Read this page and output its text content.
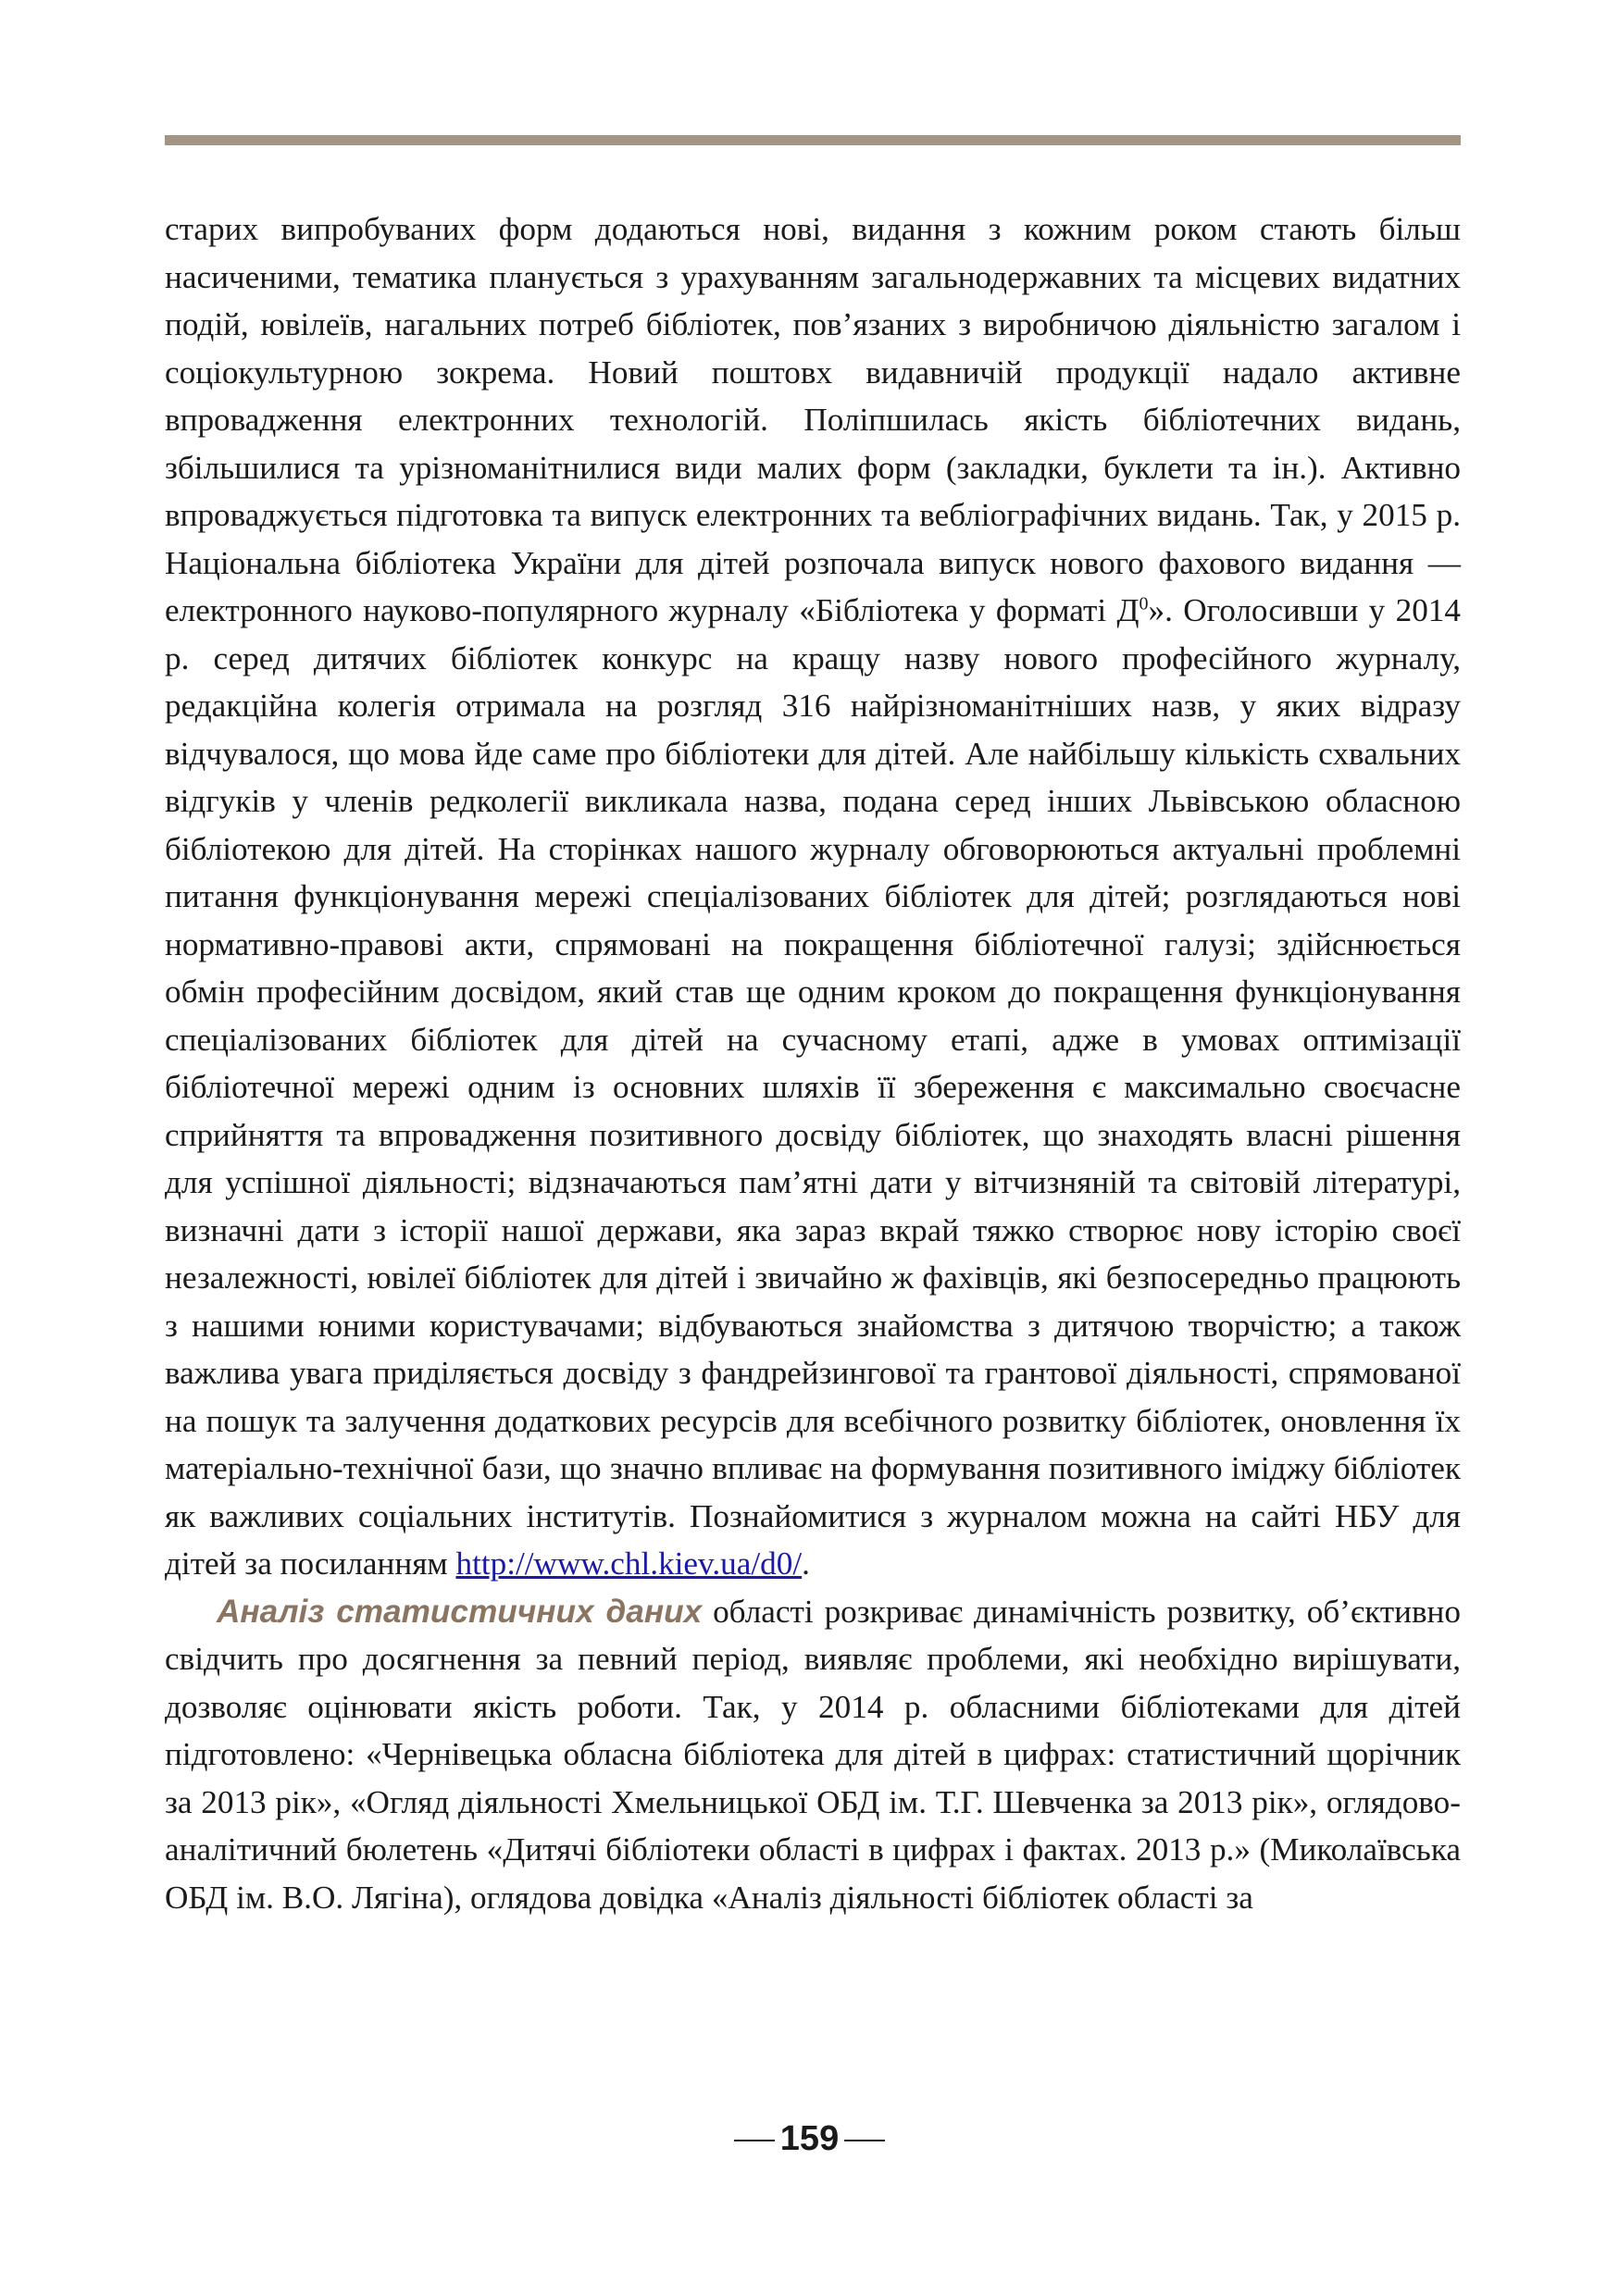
старих випробуваних форм додаються нові, видання з кожним роком стають більш насиченими, тематика планується з урахуванням загальнодержавних та місцевих видатних подій, ювілеїв, нагальних потреб бібліотек, пов’язаних з виробничою діяльністю загалом і соціокультурною зокрема. Новий поштовх видавничій продукції надало активне впровадження електронних технологій. Поліпшилась якість бібліотечних видань, збільшилися та урізноманітнилися види малих форм (закладки, буклети та ін.). Активно впроваджується підготовка та випуск електронних та вебліографічних видань. Так, у 2015 р. Національна бібліотека України для дітей розпочала випуск нового фахового видання — електронного науково-популярного журналу «Бібліотека у форматі $Д^0$». Оголосивши у 2014 р. серед дитячих бібліотек конкурс на кращу назву нового професійного журналу, редакційна колегія отримала на розгляд 316 найрізноманітніших назв, у яких відразу відчувалося, що мова йде саме про бібліотеки для дітей. Але найбільшу кількість схвальних відгуків у членів редколегії викликала назва, подана серед інших Львівською обласною бібліотекою для дітей. На сторінках нашого журналу обговорюються актуальні проблемні питання функціонування мережі спеціалізованих бібліотек для дітей; розглядаються нові нормативно-правові акти, спрямовані на покращення бібліотечної галузі; здійснюється обмін професійним досвідом, який став ще одним кроком до покращення функціонування спеціалізованих бібліотек для дітей на сучасному етапі, адже в умовах оптимізації бібліотечної мережі одним із основних шляхів її збереження є максимально своєчасне сприйняття та впровадження позитивного досвіду бібліотек, що знаходять власні рішення для успішної діяльності; відзначаються пам’ятні дати у вітчизняній та світовій літературі, визначні дати з історії нашої держави, яка зараз вкрай тяжко створює нову історію своєї незалежності, ювілеї бібліотек для дітей і звичайно ж фахівців, які безпосередньо працюють з нашими юними користувачами; відбуваються знайомства з дитячою творчістю; а також важлива увага приділяється досвіду з фандрейзингової та грантової діяльності, спрямованої на пошук та залучення додаткових ресурсів для всебічного розвитку бібліотек, оновлення їх матеріально-технічної бази, що значно впливає на формування позитивного іміджу бібліотек як важливих соціальних інститутів. Познайомитися з журналом можна на сайті НБУ для дітей за посиланням http://www.chl.kiev.ua/d0/.

Аналіз статистичних даних області розкриває динамічність розвитку, об’єктивно свідчить про досягнення за певний період, виявляє проблеми, які необхідно вирішувати, дозволяє оцінювати якість роботи. Так, у 2014 р. обласними бібліотеками для дітей підготовлено: «Чернівецька обласна бібліотека для дітей в цифрах: статистичний щорічник за 2013 рік», «Огляд діяльності Хмельницької ОБД ім. Т.Г. Шевченка за 2013 рік», оглядово-аналітичний бюлетень «Дитячі бібліотеки області в цифрах і фактах. 2013 р.» (Миколаївська ОБД ім. В.О. Лягіна), оглядова довідка «Аналіз діяльності бібліотек області за

159
